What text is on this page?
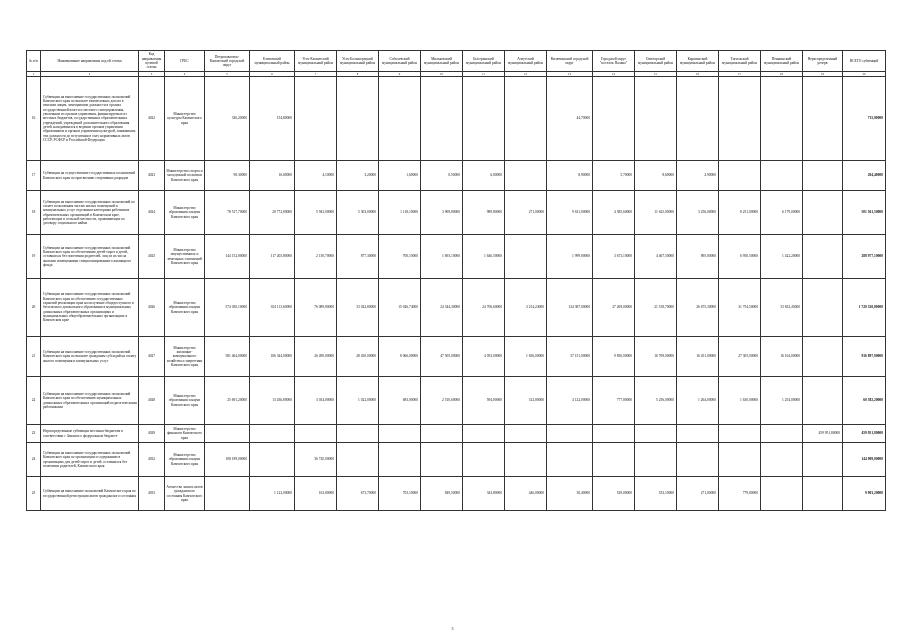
№ п/п	Наименование направления под ей статьи	Код направления целевой статьи	ГРБС	Петропавловск-Камчатский городской округ	Елизовский муниципальный район	Усть-Камчатский муниципальный район	Усть-Большерецкий муниципальный район	Соболевский муниципальный район	Мильковский муниципальный район	Быстринский муниципальный район	Алеутский муниципальный район	Вилючинский городской округ	Городской округ "поселок Палана"	Олюторский муниципальный район	Карагинский муниципальный район	Тигильский муниципальный район	Пенжинский муниципальный район	Нераспределенный резерв	ВСЕГО субвенций
1	2	3	4	5	6	7	8	9	10	11	12	13	14	15	16	17	18	19	20
16	Субвенции на выполнение государственных полномочий Камчатского края по выплате ежемесячных доплат к пенсиям лицам, замещавшим должности в органах государственной власти и местного самоуправления, уволенным из органов управления, финансируемых из местных бюджетов, государственных образовательных учреждений, учреждений дополнительного образования детей, находившихся в ведении органов управления образованием и органов управления культурой, занимавших эти должности до вступления в силу нормативных актов СССР, РСФСР и Российской Федерации	4022	Министерство культуры Камчатского края	336,20000	154,80000							44,70000							715,00000
17	Субвенции на осуществление государственных полномочий Камчатского края по присвоению спортивных разрядов	4023	Министерство спорта и молодежной политики Камчатского края	90,30000	16,60000	4,10000	3,20000	1,60000	6,50000	6,00000		8,90000	5,70000	8,60000	2,90000				204,40000
18	Субвенции на выполнение государственных полномочий по оплате пользования частью жилых помещений и коммунальных услуг отдельным категориям работников образовательных организаций в Камчатском крае, работающих в сельской местности, проживающих по договору социального найма	4024	Министерство образования и науки Камчатского края	78 517,70000	20 772,80000	5 943,00000	5 303,00000	1 118,10000	3 969,80000	989,80000	271,00000	9 631,00000	4 385,60000	11 625,00000	3 256,00000	8 251,00000	6 179,00000		501 561,50000
19	Субвенции на выполнение государственных полномочий Камчатского края по обеспечению детей-сирот и детей, оставшихся без попечения родителей, лиц из их числа жилыми помещениями специализированного жилищного фонда	4025	Министерство имущественных и земельных отношений Камчатского края	144 152,80000	117 203,80000	2 150,70000	877,30000	700,10000	1 693,10000	1 646,50000		1 999,80000	3 673,10000	4 467,50000	895,00000	6 950,50000	1 422,20000		288 977,10000
20	Субвенции на выполнение государственных полномочий Камчатского края по обеспечению государственных гарантий реализации прав на получение общедоступного и бесплатного дошкольного образования в муниципальных дошкольных образовательных организациях и муниципальных общеобразовательных организациях в Камчатском крае	4026	Министерство образования и науки Камчатского края	574 030,10000	354 113,60000	76 089,80000	33 022,80000	15 026,74000	24 344,30000	24 706,60000	3 214,24000	124 387,00000	27 269,00000	21 518,70000	26 675,30000	31 754,50000	33 652,45000		1 720 520,00000
21	Субвенции на выполнение государственных полномочий Камчатского края по выплате гражданам субсидий на оплату жилого помещения и коммунальных услуг	4027	Министерство жилищно-коммунального хозяйства и энергетики Камчатского края	581 464,00000	106 344,00000	26 490,00000	28 450,00000	8 066,00000	47 505,00000	4 053,00000	1 656,00000	37 151,00000	9 850,00000	16 769,00000	16 451,00000	27 305,00000	16 164,00000		916 897,00000
22	Субвенции на выполнение государственных полномочий Камчатского края по обеспечению муниципальных дошкольных образовательных организаций педагогическими работниками	4028	Министерство образования и науки Камчатского края	25 691,20000	13 436,80000	3 034,00000	1 022,00000	683,00000	2 510,60000	594,00000	312,00000	4 122,00000	777,00000	5 256,00000	1 264,00000	1 630,00000	1 254,00000		60 582,20000
23	Нераспределенные субвенции местным бюджетам в соответствии с Законом о федеральном бюджете	4029	Министерство финансов Камчатского края															459 951,80000	459 951,80000
24	Субвенции на выполнение государственных полномочий Камчатского края по организации и содержанию в организациях для детей-сирот и детей, оставшихся без попечения родителей, Камчатского края	4032	Министерство образования и науки Камчатского края	108 189,00000		36 720,00000													144 909,00000
25	Субвенции на выполнение полномочий Камчатского края по государственной регистрации актов гражданского состояния	4033	Агентство записи актов гражданского состояния Камчатского края		1 122,00000	163,00000	673,70000	703,10000	849,50000	343,80000	446,00000	30,40000	529,00000	533,10000	271,00000	779,00000			9 903,20000
3
